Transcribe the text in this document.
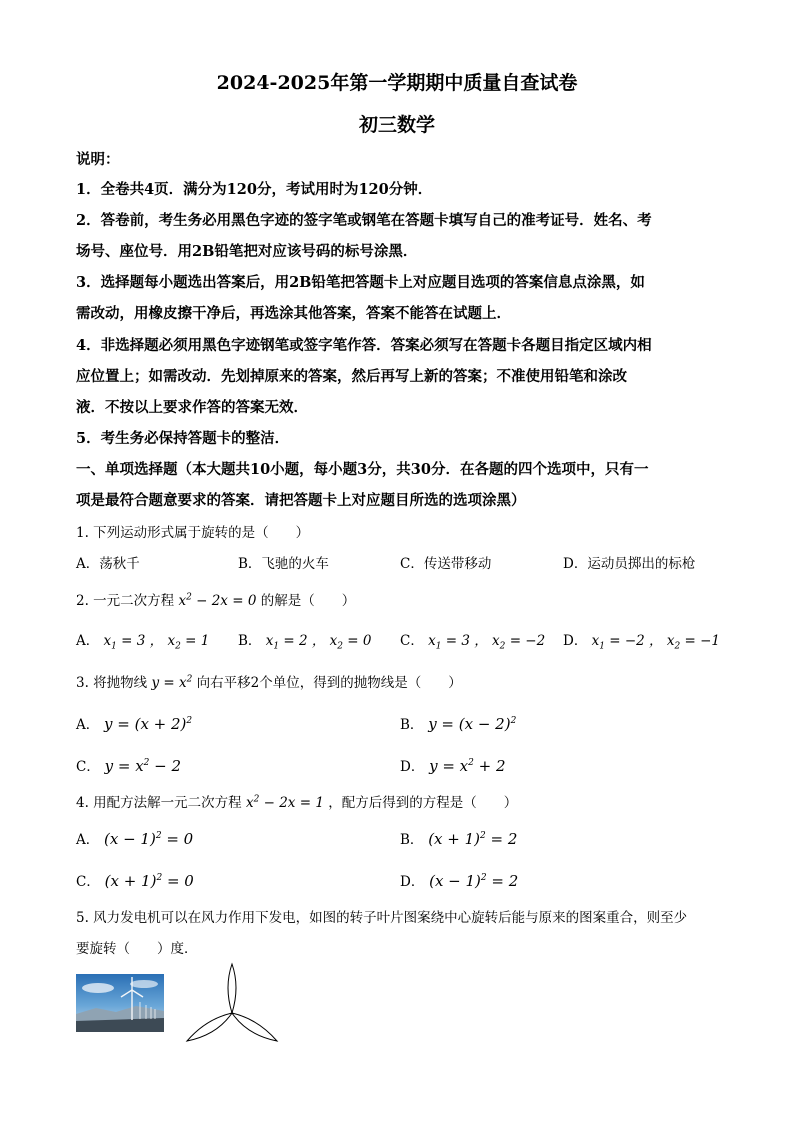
2024-2025年第一学期期中质量自查试卷
初三数学
说明：
1．全卷共4页．满分为120分，考试用时为120分钟．
2．答卷前，考生务必用黑色字迹的签字笔或钢笔在答题卡填写自己的准考证号．姓名、考
场号、座位号．用2B铅笔把对应该号码的标号涂黑．
3．选择题每小题选出答案后，用2B铅笔把答题卡上对应题目选项的答案信息点涂黑，如
需改动，用橡皮擦干净后，再选涂其他答案，答案不能答在试题上．
4．非选择题必须用黑色字迹钢笔或签字笔作答．答案必须写在答题卡各题目指定区域内相
应位置上；如需改动．先划掉原来的答案，然后再写上新的答案；不准使用铅笔和涂改
液．不按以上要求作答的答案无效．
5．考生务必保持答题卡的整洁．
一、单项选择题（本大题共10小题，每小题3分，共30分．在各题的四个选项中，只有一
项是最符合题意要求的答案．请把答题卡上对应题目所选的选项涂黑）
1. 下列运动形式属于旋转的是（　　）
A．荡秋千	B．飞驰的火车	C．传送带移动	D．运动员掷出的标枪
2. 一元二次方程 $x^2 - 2x = 0$ 的解是（　　）
A． $x_1 = 3$ ， $x_2 = 1$ B． $x_1 = 2$ ， $x_2 = 0$ C． $x_1 = 3$ ， $x_2 = -2$ D． $x_1 = -2$ ， $x_2 = -1$
3. 将抛物线 $y = x^2$ 向右平移2个单位，得到的抛物线是（　　）
A． $y = (x + 2)^2$	B． $y = (x - 2)^2$
C． $y = x^2 - 2$	D． $y = x^2 + 2$
4. 用配方法解一元二次方程 $x^2 - 2x = 1$ ，配方后得到的方程是（　　）
A． $(x - 1)^2 = 0$	B． $(x + 1)^2 = 2$
C． $(x + 1)^2 = 0$	D． $(x - 1)^2 = 2$
5. 风力发电机可以在风力作用下发电，如图的转子叶片图案绕中心旋转后能与原来的图案重合，则至少
要旋转（　　）度．
